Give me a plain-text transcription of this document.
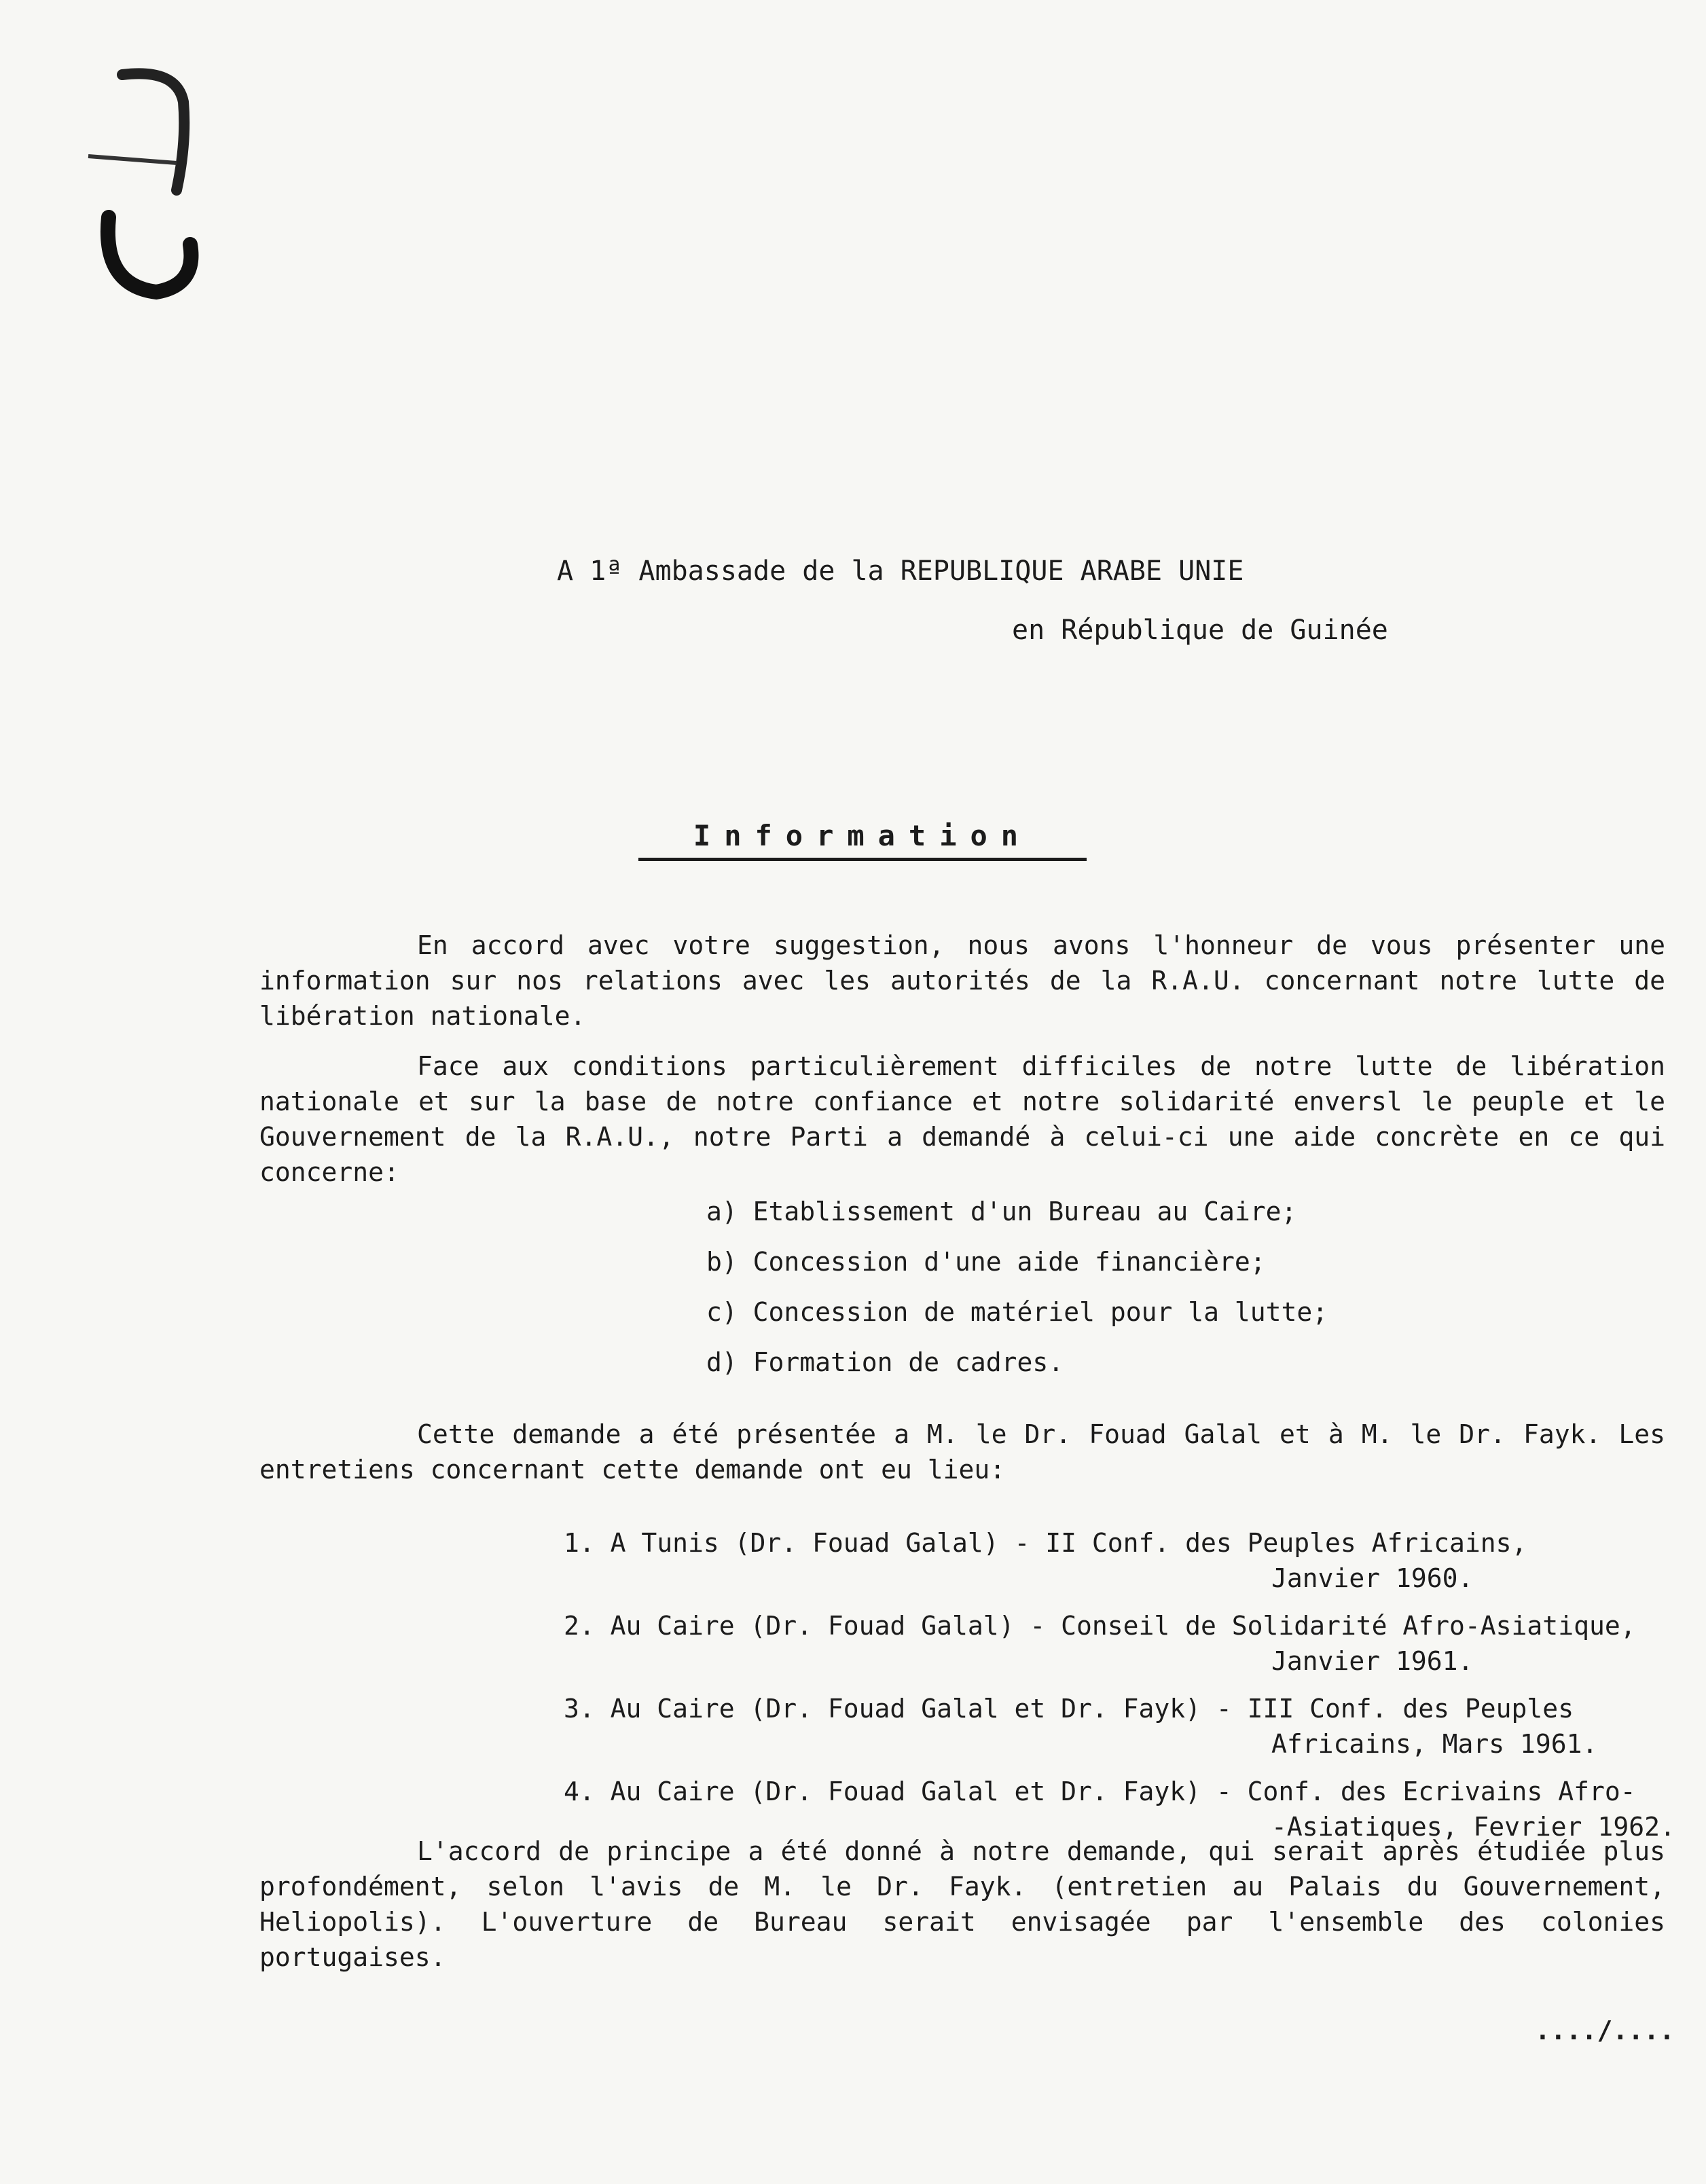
A 1ª Ambassade de la REPUBLIQUE ARABE UNIE
en République de Guinée
Information
En accord avec votre suggestion, nous avons l'honneur de vous présenter une information sur nos relations avec les autorités de la R.A.U. concernant notre lutte de libération nationale.
Face aux conditions particulièrement difficiles de notre lutte de libération nationale et sur la base de notre confiance et notre solidarité enversl le peuple et le Gouvernement de la R.A.U., notre Parti a demandé à celui-ci une aide concrète en ce qui concerne:
a) Etablissement d'un Bureau au Caire;
b) Concession d'une aide financière;
c) Concession de matériel pour la lutte;
d) Formation de cadres.
Cette demande a été présentée a M. le Dr. Fouad Galal et à M. le Dr. Fayk. Les entretiens concernant cette demande ont eu lieu:
1. A Tunis (Dr. Fouad Galal) - II Conf. des Peuples Africains,
Janvier 1960.
2. Au Caire (Dr. Fouad Galal) - Conseil de Solidarité Afro-Asiatique,
Janvier 1961.
3. Au Caire (Dr. Fouad Galal et Dr. Fayk) - III Conf. des Peuples
Africains, Mars 1961.
4. Au Caire (Dr. Fouad Galal et Dr. Fayk) - Conf. des Ecrivains Afro-
-Asiatiques, Fevrier 1962.
L'accord de principe a été donné à notre demande, qui serait après étudiée plus profondément, selon l'avis de M. le Dr. Fayk. (entretien au Palais du Gouvernement, Heliopolis). L'ouverture de Bureau serait envisagée par l'ensemble des colonies portugaises.
..../....
